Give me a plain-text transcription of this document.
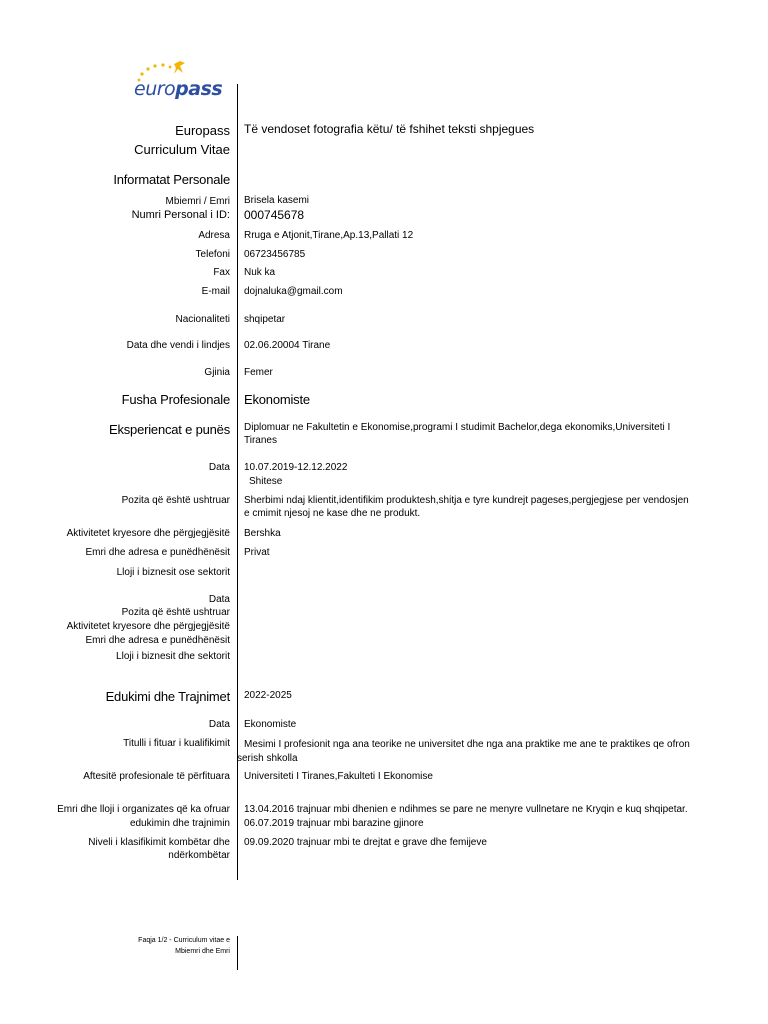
europass
Europass
Curriculum Vitae
Të vendoset fotografia këtu/ të fshihet teksti shpjegues
Informatat Personale
Mbiemri / Emri Brisela kasemi
Numri Personal i ID: 000745678
Adresa Rruga e Atjonit,Tirane,Ap.13,Pallati 12
Telefoni 06723456785
Fax Nuk ka
E-mail dojnaluka@gmail.com
Nacionaliteti shqipetar
Data dhe vendi i lindjes 02.06.20004 Tirane
Gjinia Femer
Fusha Profesionale Ekonomiste
Eksperiencat e punës Diplomuar ne Fakultetin e Ekonomise,programi I studimit Bachelor,dega ekonomiks,Universiteti I
Tiranes
Data 10.07.2019-12.12.2022
Shitese
Pozita që është ushtruar Sherbimi ndaj klientit,identifikim produktesh,shitja e tyre kundrejt pageses,pergjegjese per vendosjen
e cmimit njesoj ne kase dhe ne produkt.
Aktivitetet kryesore dhe përgjegjësitë Bershka
Emri dhe adresa e punëdhënësit Privat
Lloji i biznesit ose sektorit
Data
Pozita që është ushtruar
Aktivitetet kryesore dhe përgjegjësitë
Emri dhe adresa e punëdhënësit
Lloji i biznesit dhe sektorit
Edukimi dhe Trajnimet 2022-2025
Data Ekonomiste
Titulli i fituar i kualifikimit Mesimi I profesionit nga ana teorike ne universitet dhe nga ana praktike me ane te praktikes qe ofron
serish shkolla
Aftesitë profesionale të përfituara Universiteti I Tiranes,Fakulteti I Ekonomise
Emri dhe lloji i organizates që ka ofruar
edukimin dhe trajnimin
13.04.2016 trajnuar mbi dhenien e ndihmes se pare ne menyre vullnetare ne Kryqin e kuq shqipetar.
06.07.2019 trajnuar mbi barazine gjinore
Niveli i klasifikimit kombëtar dhe
ndërkombëtar
09.09.2020 trajnuar mbi te drejtat e grave dhe femijeve
Faqja 1/2 - Curriculum vitae e
Mbiemri dhe Emri
